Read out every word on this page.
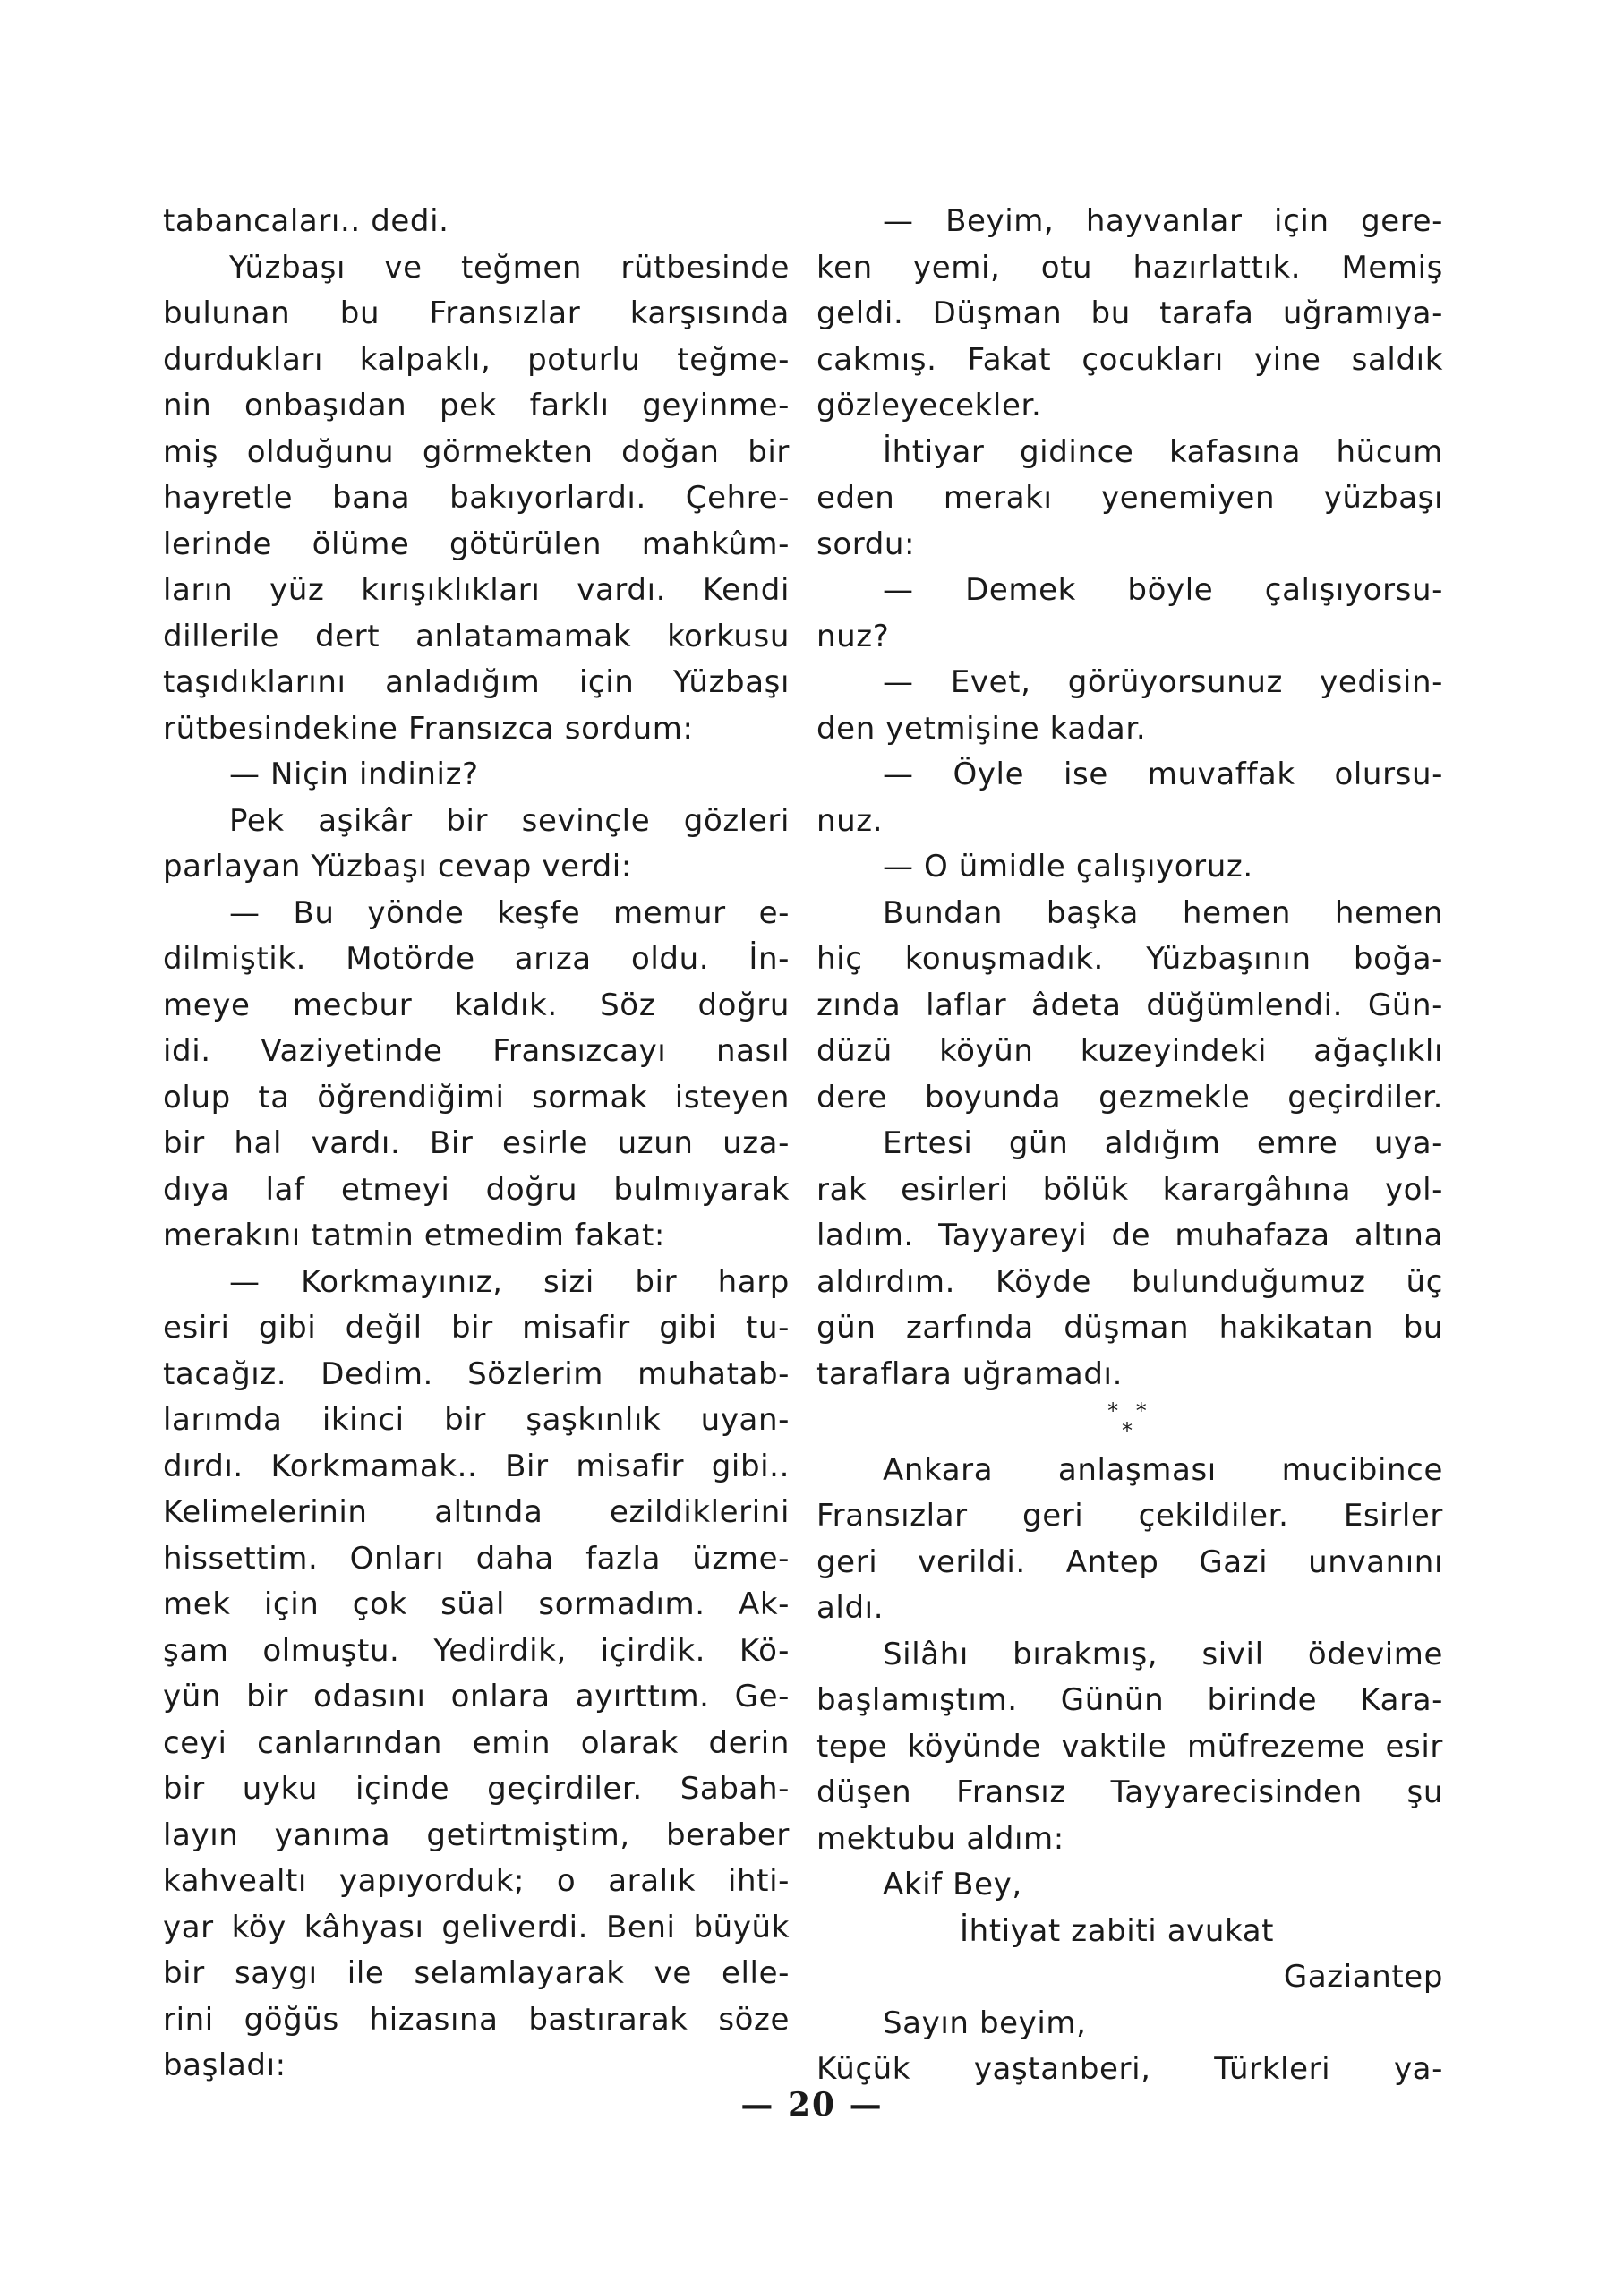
tabancaları.. dedi.
Yüzbaşı ve teğmen rütbesinde
bulunan bu Fransızlar karşısında
durdukları kalpaklı, poturlu teğme-
nin onbaşıdan pek farklı geyinme-
miş olduğunu görmekten doğan bir
hayretle bana bakıyorlardı. Çehre-
lerinde ölüme götürülen mahkûm-
ların yüz kırışıklıkları vardı. Kendi
dillerile dert anlatamamak korkusu
taşıdıklarını anladığım için Yüzbaşı
rütbesindekine Fransızca sordum:
— Niçin indiniz?
Pek aşikâr bir sevinçle gözleri
parlayan Yüzbaşı cevap verdi:
— Bu yönde keşfe memur e-
dilmiştik. Motörde arıza oldu. İn-
meye mecbur kaldık. Söz doğru
idi. Vaziyetinde Fransızcayı nasıl
olup ta öğrendiğimi sormak isteyen
bir hal vardı. Bir esirle uzun uza-
dıya laf etmeyi doğru bulmıyarak
merakını tatmin etmedim fakat:
— Korkmayınız, sizi bir harp
esiri gibi değil bir misafir gibi tu-
tacağız. Dedim. Sözlerim muhatab-
larımda ikinci bir şaşkınlık uyan-
dırdı. Korkmamak.. Bir misafir gibi..
Kelimelerinin altında ezildiklerini
hissettim. Onları daha fazla üzme-
mek için çok süal sormadım. Ak-
şam olmuştu. Yedirdik, içirdik. Kö-
yün bir odasını onlara ayırttım. Ge-
ceyi canlarından emin olarak derin
bir uyku içinde geçirdiler. Sabah-
layın yanıma getirtmiştim, beraber
kahvealtı yapıyorduk; o aralık ihti-
yar köy kâhyası geliverdi. Beni büyük
bir saygı ile selamlayarak ve elle-
rini göğüs hizasına bastırarak söze
başladı:
— Beyim, hayvanlar için gere-
ken yemi, otu hazırlattık. Memiş
geldi. Düşman bu tarafa uğramıya-
cakmış. Fakat çocukları yine saldık
gözleyecekler.
İhtiyar gidince kafasına hücum
eden merakı yenemiyen yüzbaşı
sordu:
— Demek böyle çalışıyorsu-
nuz?
— Evet, görüyorsunuz yedisin-
den yetmişine kadar.
— Öyle ise muvaffak olursu-
nuz.
— O ümidle çalışıyoruz.
Bundan başka hemen hemen
hiç konuşmadık. Yüzbaşının boğa-
zında laflar âdeta düğümlendi. Gün-
düzü köyün kuzeyindeki ağaçlıklı
dere boyunda gezmekle geçirdiler.
Ertesi gün aldığım emre uya-
rak esirleri bölük karargâhına yol-
ladım. Tayyareyi de muhafaza altına
aldırdım. Köyde bulunduğumuz üç
gün zarfında düşman hakikatan bu
taraflara uğramadı.
* *
*
Ankara anlaşması mucibince
Fransızlar geri çekildiler. Esirler
geri verildi. Antep Gazi unvanını
aldı.
Silâhı bırakmış, sivil ödevime
başlamıştım. Günün birinde Kara-
tepe köyünde vaktile müfrezeme esir
düşen Fransız Tayyarecisinden şu
mektubu aldım:
Akif Bey,
İhtiyat zabiti avukat
Gaziantep
Sayın beyim,
Küçük yaştanberi, Türkleri ya-
— 20 —
